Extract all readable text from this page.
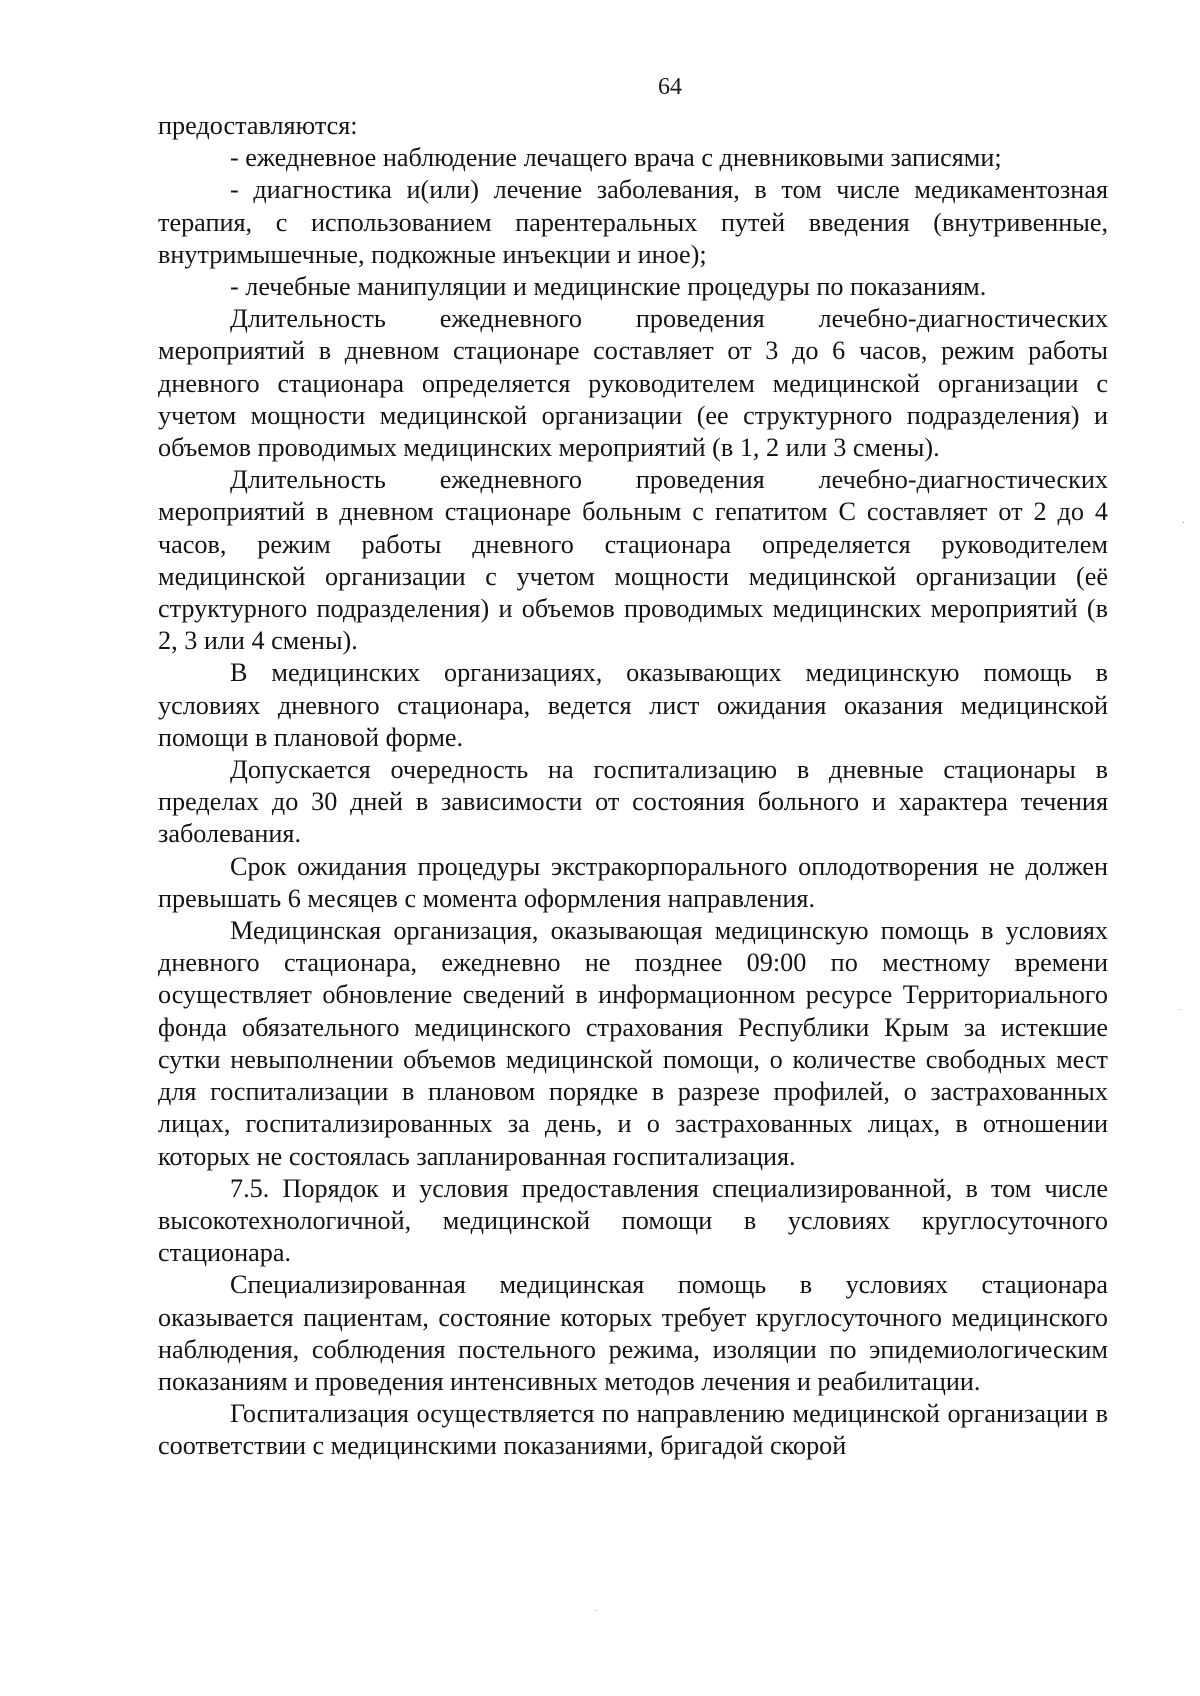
64

предоставляются:

- ежедневное наблюдение лечащего врача с дневниковыми записями;

- диагностика и(или) лечение заболевания, в том числе медикаментозная терапия, с использованием парентеральных путей введения (внутривенные, внутримышечные, подкожные инъекции и иное);

- лечебные манипуляции и медицинские процедуры по показаниям.

Длительность ежедневного проведения лечебно-диагностических мероприятий в дневном стационаре составляет от 3 до 6 часов, режим работы дневного стационара определяется руководителем медицинской организации с учетом мощности медицинской организации (ее структурного подразделения) и объемов проводимых медицинских мероприятий (в 1, 2 или 3 смены).

Длительность ежедневного проведения лечебно-диагностических мероприятий в дневном стационаре больным с гепатитом С составляет от 2 до 4 часов, режим работы дневного стационара определяется руководителем медицинской организации с учетом мощности медицинской организации (её структурного подразделения) и объемов проводимых медицинских мероприятий (в 2, 3 или 4 смены).

В медицинских организациях, оказывающих медицинскую помощь в условиях дневного стационара, ведется лист ожидания оказания медицинской помощи в плановой форме.

Допускается очередность на госпитализацию в дневные стационары в пределах до 30 дней в зависимости от состояния больного и характера течения заболевания.

Срок ожидания процедуры экстракорпорального оплодотворения не должен превышать 6 месяцев с момента оформления направления.

Медицинская организация, оказывающая медицинскую помощь в условиях дневного стационара, ежедневно не позднее 09:00 по местному времени осуществляет обновление сведений в информационном ресурсе Территориального фонда обязательного медицинского страхования Республики Крым за истекшие сутки невыполнении объемов медицинской помощи, о количестве свободных мест для госпитализации в плановом порядке в разрезе профилей, о застрахованных лицах, госпитализированных за день, и о застрахованных лицах, в отношении которых не состоялась запланированная госпитализация.

7.5. Порядок и условия предоставления специализированной, в том числе высокотехнологичной, медицинской помощи в условиях круглосуточного стационара.

Специализированная медицинская помощь в условиях стационара оказывается пациентам, состояние которых требует круглосуточного медицинского наблюдения, соблюдения постельного режима, изоляции по эпидемиологическим показаниям и проведения интенсивных методов лечения и реабилитации.

Госпитализация осуществляется по направлению медицинской организации в соответствии с медицинскими показаниями, бригадой скорой
